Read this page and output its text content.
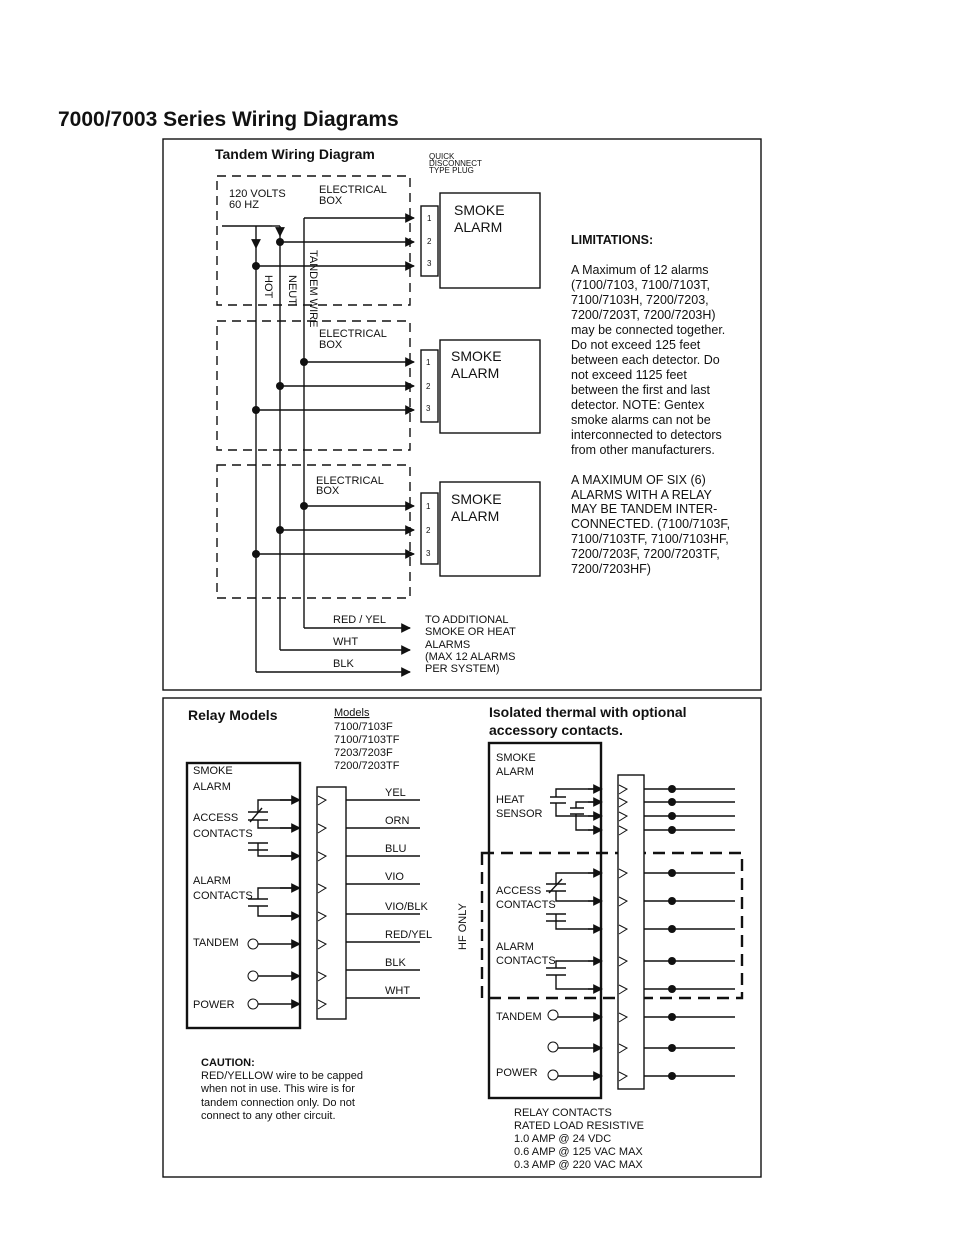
7000/7003 Series Wiring Diagrams
Tandem Wiring Diagram	QUICK
DISCONNECT
TYPE PLUG
120 VOLTS
60 HZ
ELECTRICAL
BOX
ELECTRICAL
BOX
ELECTRICAL
BOX
HOT NEUT TANDEM WIRE
1
2
3
SMOKE
ALARM
1
2
3
SMOKE
ALARM
1
2
3
SMOKE
ALARM
RED / YEL
WHT
BLK
TO ADDITIONAL
SMOKE OR HEAT
ALARMS
(MAX 12 ALARMS
PER SYSTEM)
LIMITATIONS:
A Maximum of 12 alarms
(7100/7103, 7100/7103T,
7100/7103H, 7200/7203,
7200/7203T, 7200/7203H)
may be connected together.
Do not exceed 125 feet
between each detector. Do
not exceed 1125 feet
between the first and last
detector. NOTE: Gentex
smoke alarms can not be
interconnected to detectors
from other manufacturers.
A MAXIMUM OF SIX (6)
ALARMS WITH A RELAY
MAY BE TANDEM INTER-
CONNECTED. (7100/7103F,
7100/7103TF, 7100/7103HF,
7200/7203F, 7200/7203TF,
7200/7203HF)
Relay Models	Models
7100/7103F
7100/7103TF
7203/7203F
7200/7203TF
SMOKE
ALARM
ACCESS
CONTACTS
ALARM
CONTACTS
TANDEM
POWER
YEL
ORN
BLU
VIO
VIO/BLK
RED/YEL
BLK
WHT
CAUTION:
RED/YELLOW wire to be capped
when not in use. This wire is for
tandem connection only. Do not
connect to any other circuit.
Isolated thermal with optional
accessory contacts.
SMOKE
ALARM
HEAT
SENSOR
ACCESS
CONTACTS
ALARM
CONTACTS
TANDEM
POWER
HF ONLY
RELAY CONTACTS
RATED LOAD RESISTIVE
1.0 AMP @ 24 VDC
0.6 AMP @ 125 VAC MAX
0.3 AMP @ 220 VAC MAX
